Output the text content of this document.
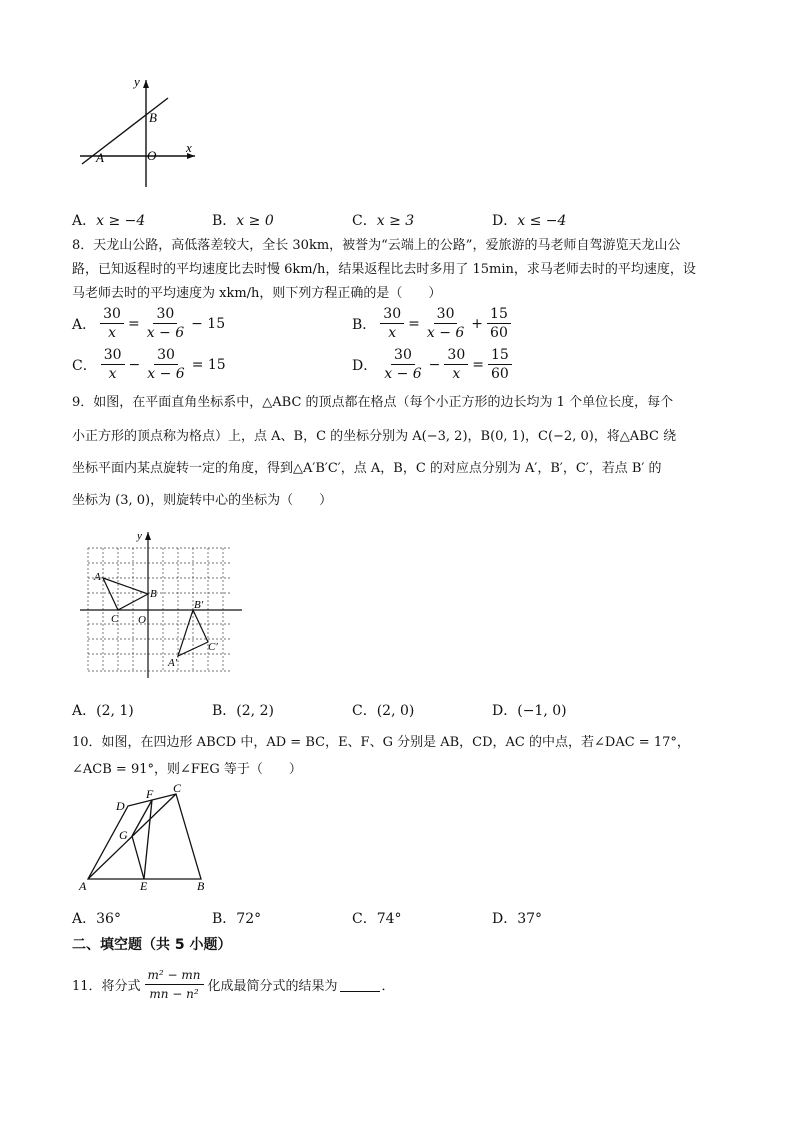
y
x
O
A
B
A．x ≥ −4	B．x ≥ 0	C．x ≥ 3	D．x ≤ −4
8．天龙山公路，高低落差较大，全长 30km，被誉为“云端上的公路”，爱旅游的马老师自驾游览天龙山公
路，已知返程时的平均速度比去时慢 6km/h，结果返程比去时多用了 15min，求马老师去时的平均速度，设
马老师去时的平均速度为 xkm/h，则下列方程正确的是（　　）
A． $\frac{30}{x} = \frac{30}{x - 6} - 15$	B． $\frac{30}{x} = \frac{30}{x - 6} + \frac{15}{60}$
C． $\frac{30}{x} - \frac{30}{x - 6} = 15$	D． $\frac{30}{x - 6} - \frac{30}{x} = \frac{15}{60}$
9．如图，在平面直角坐标系中，△ABC 的顶点都在格点（每个小正方形的边长均为 1 个单位长度，每个
小正方形的顶点称为格点）上，点 A、B，C 的坐标分别为 A(−3, 2)，B(0, 1)，C(−2, 0)，将△ABC 绕
坐标平面内某点旋转一定的角度，得到△A′B′C′，点 A，B，C 的对应点分别为 A′，B′，C′，若点 B′ 的
坐标为 (3, 0)，则旋转中心的坐标为（　　）
y
O
A
B
C
A′
B′
C′
A．(2, 1)	B．(2, 2)	C．(2, 0)	D．(−1, 0)
10．如图，在四边形 ABCD 中，AD = BC，E、F、G 分别是 AB，CD，AC 的中点，若∠DAC = 17°，
∠ACB = 91°，则∠FEG 等于（　　）
A	B
C
D
E
F
G
A．36°	B．72°	C．74°	D．37°
二、填空题（共 5 小题）
11．将分式 $\frac{\text{m² − mn}}{\text{mn − n²}}$ 化成最简分式的结果为	．
